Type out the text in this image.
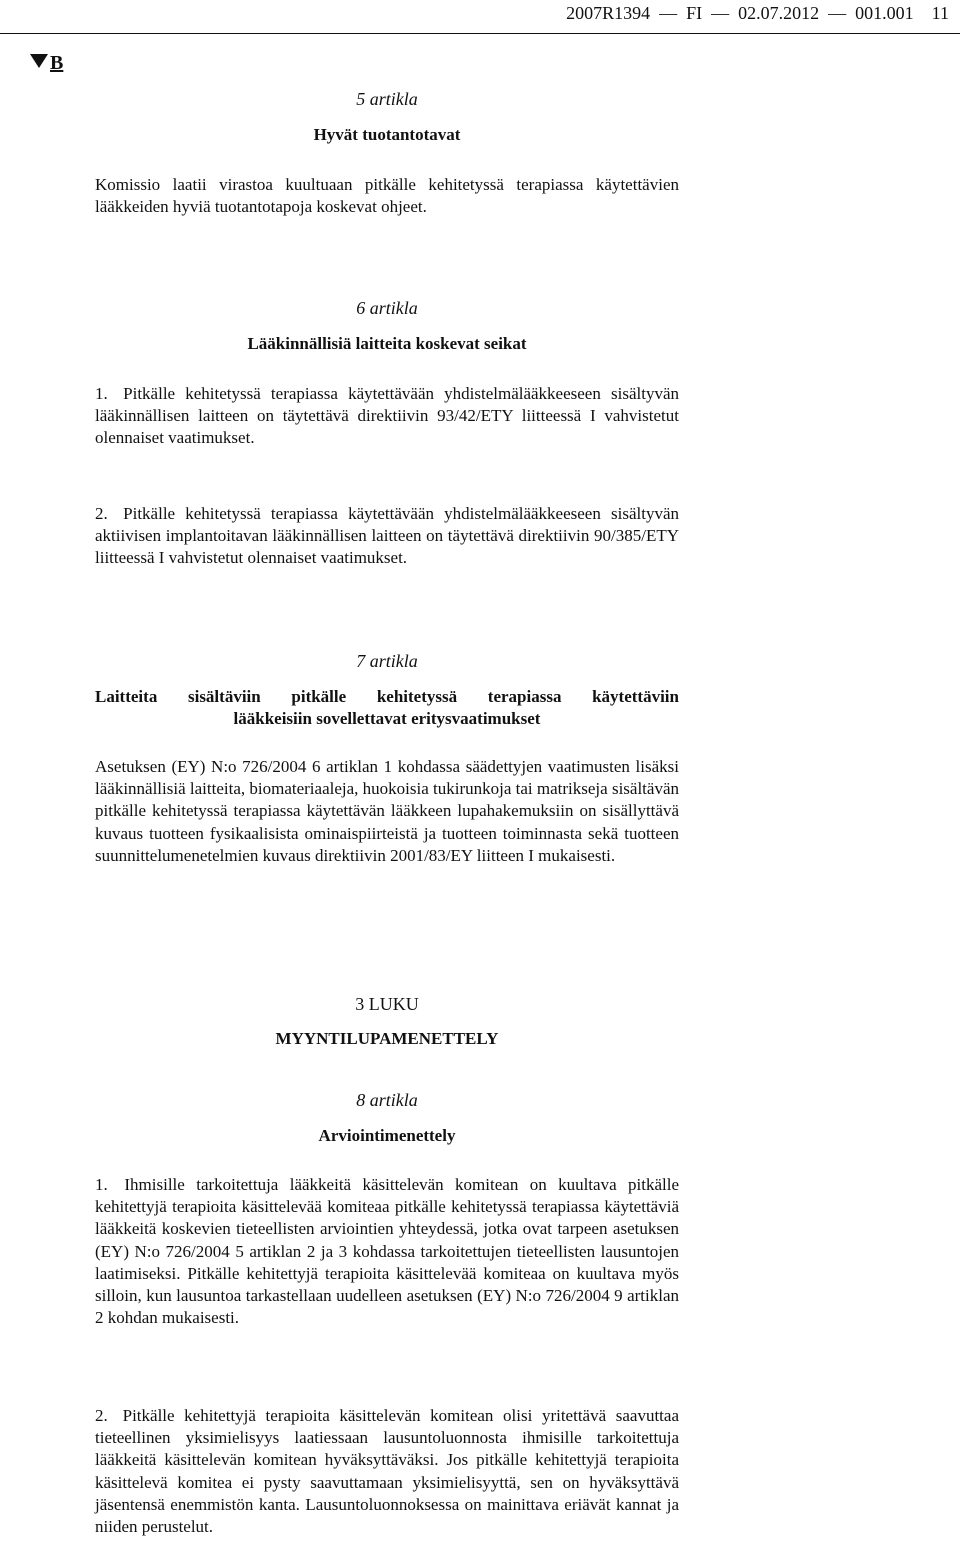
2007R1394 — FI — 02.07.2012 — 001.001 11
B
5 artikla
Hyvät tuotantotavat

Komissio laatii virastoa kuultuaan pitkälle kehitetyssä terapiassa käytettävien lääkkeiden hyviä tuotantotapoja koskevat ohjeet.

6 artikla
Lääkinnällisiä laitteita koskevat seikat

1. Pitkälle kehitetyssä terapiassa käytettävään yhdistelmälääkkeeseen sisältyvän lääkinnällisen laitteen on täytettävä direktiivin 93/42/ETY liitteessä I vahvistetut olennaiset vaatimukset.

2. Pitkälle kehitetyssä terapiassa käytettävään yhdistelmälääkkeeseen sisältyvän aktiivisen implantoitavan lääkinnällisen laitteen on täytettävä direktiivin 90/385/ETY liitteessä I vahvistetut olennaiset vaatimukset.

7 artikla
Laitteita sisältäviin pitkälle kehitetyssä terapiassa käytettäviin
lääkkeisiin sovellettavat eritysvaatimukset

Asetuksen (EY) N:o 726/2004 6 artiklan 1 kohdassa säädettyjen vaatimusten lisäksi lääkinnällisiä laitteita, biomateriaaleja, huokoisia tukirunkoja tai matrikseja sisältävän pitkälle kehitetyssä terapiassa käytettävän lääkkeen lupahakemuksiin on sisällyttävä kuvaus tuotteen fysikaalisista ominaispiirteistä ja tuotteen toiminnasta sekä tuotteen suunnittelumenetelmien kuvaus direktiivin 2001/83/EY liitteen I mukaisesti.

3 LUKU
MYYNTILUPAMENETTELY
8 artikla
Arviointimenettely

1. Ihmisille tarkoitettuja lääkkeitä käsittelevän komitean on kuultava pitkälle kehitettyjä terapioita käsittelevää komiteaa pitkälle kehitetyssä terapiassa käytettäviä lääkkeitä koskevien tieteellisten arviointien yhteydessä, jotka ovat tarpeen asetuksen (EY) N:o 726/2004 5 artiklan 2 ja 3 kohdassa tarkoitettujen tieteellisten lausuntojen laatimiseksi. Pitkälle kehitettyjä terapioita käsittelevää komiteaa on kuultava myös silloin, kun lausuntoa tarkastellaan uudelleen asetuksen (EY) N:o 726/2004 9 artiklan 2 kohdan mukaisesti.

2. Pitkälle kehitettyjä terapioita käsittelevän komitean olisi yritettävä saavuttaa tieteellinen yksimielisyys laatiessaan lausuntoluonnosta ihmisille tarkoitettuja lääkkeitä käsittelevän komitean hyväksyttäväksi. Jos pitkälle kehitettyjä terapioita käsittelevä komitea ei pysty saavuttamaan yksimielisyyttä, sen on hyväksyttävä jäsentensä enemmistön kanta. Lausuntoluonnoksessa on mainittava eriävät kannat ja niiden perustelut.
